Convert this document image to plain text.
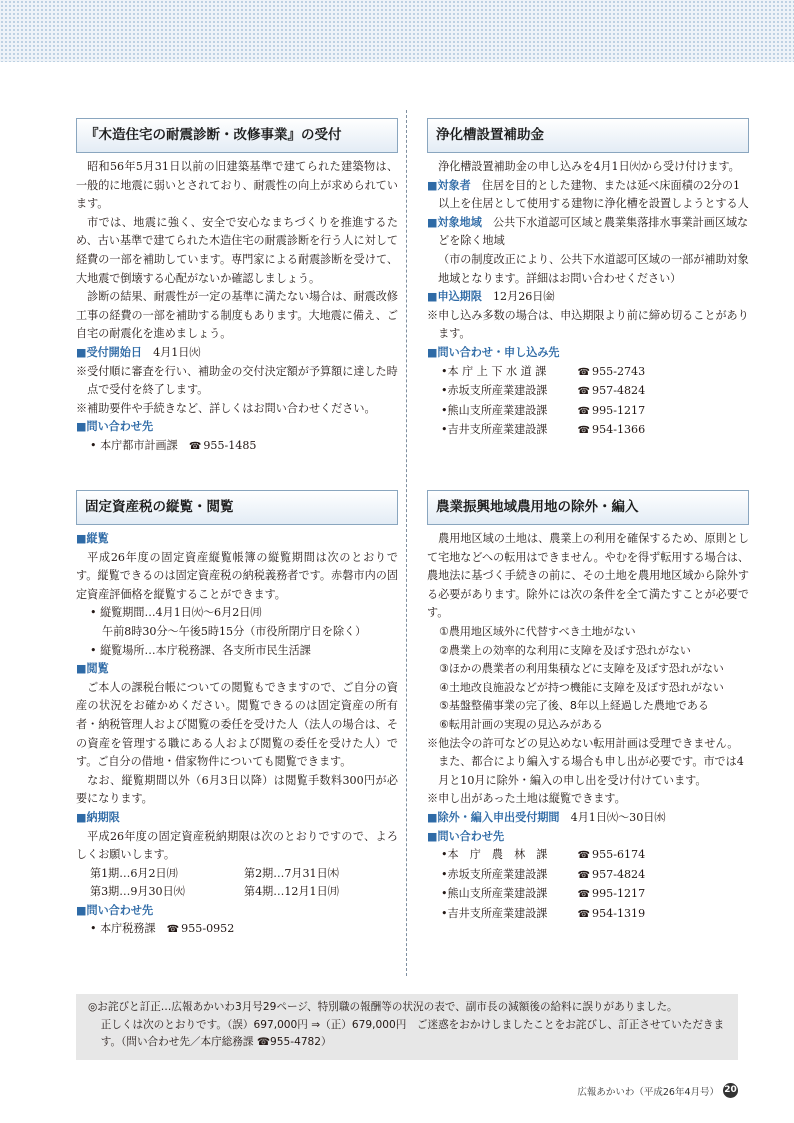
『木造住宅の耐震診断・改修事業』の受付

昭和56年5月31日以前の旧建築基準で建てられた建築物は、一般的に地震に弱いとされており、耐震性の向上が求められています。

市では、地震に強く、安全で安心なまちづくりを推進するため、古い基準で建てられた木造住宅の耐震診断を行う人に対して経費の一部を補助しています。専門家による耐震診断を受けて、大地震で倒壊する心配がないか確認しましょう。

診断の結果、耐震性が一定の基準に満たない場合は、耐震改修工事の経費の一部を補助する制度もあります。大地震に備え、ご自宅の耐震化を進めましょう。

■ 受付開始日　 4月1日㈫

※受付順に審査を行い、補助金の交付決定額が予算額に達した時点で受付を終了します。

※補助要件や手続きなど、詳しくはお問い合わせください。

■ 問い合わせ先

• 本庁都市計画課　 ☎ 955-1485

固定資産税の縦覧・閲覧

■ 縦覧

平成26年度の固定資産縦覧帳簿の縦覧期間は次のとおりです。縦覧できるのは固定資産税の納税義務者です。赤磐市内の固定資産評価格を縦覧することができます。

• 縦覧期間…4月1日㈫～6月2日㈪

午前8時30分～午後5時15分（市役所閉庁日を除く）

• 縦覧場所…本庁税務課、各支所市民生活課

■ 閲覧

ご本人の課税台帳についての閲覧もできますので、ご自分の資産の状況をお確かめください。閲覧できるのは固定資産の所有者・納税管理人および閲覧の委任を受けた人（法人の場合は、その資産を管理する職にある人および閲覧の委任を受けた人）です。ご自分の借地・借家物件についても閲覧できます。

なお、縦覧期間以外（6月3日以降）は閲覧手数料300円が必要になります。

■ 納期限

平成26年度の固定資産税納期限は次のとおりですので、よろしくお願いします。

第1期…6月2日㈪	第2期…7月31日㈭
第3期…9月30日㈫	第4期…12月1日㈪

■ 問い合わせ先

• 本庁税務課　 ☎ 955-0952

浄化槽設置補助金

浄化槽設置補助金の申し込みを4月1日㈫から受け付けます。

■ 対象者　 住居を目的とした建物、または延べ床面積の2分の1以上を住居として使用する建物に浄化槽を設置しようとする人

■ 対象地域　 公共下水道認可区域と農業集落排水事業計画区域などを除く地域

（市の制度改正により、公共下水道認可区域の一部が補助対象地域となります。詳細はお問い合わせください）

■ 申込期限　 12月26日㈮

※申し込み多数の場合は、申込期限より前に締め切ることがあります。

■ 問い合わせ・申し込み先

• 本 庁 上 下 水 道 課 ☎	955-2743

• 赤坂支所産業建設課 ☎	957-4824

• 熊山支所産業建設課 ☎	995-1217

• 吉井支所産業建設課 ☎	954-1366

農業振興地域農用地の除外・編入

農用地区域の土地は、農業上の利用を確保するため、原則として宅地などへの転用はできません。やむを得ず転用する場合は、農地法に基づく手続きの前に、その土地を農用地区域から除外する必要があります。除外には次の条件を全て満たすことが必要です。

①農用地区域外に代替すべき土地がない

②農業上の効率的な利用に支障を及ぼす恐れがない

③ほかの農業者の利用集積などに支障を及ぼす恐れがない

④土地改良施設などが持つ機能に支障を及ぼす恐れがない

⑤基盤整備事業の完了後、8年以上経過した農地である

⑥転用計画の実現の見込みがある

※他法令の許可などの見込めない転用計画は受理できません。また、都合により編入する場合も申し出が必要です。市では4月と10月に除外・編入の申し出を受け付けています。

※申し出があった土地は縦覧できます。

■ 除外・編入申出受付期間　 4月1日㈫～30日㈬

■ 問い合わせ先

• 本　庁　農　林　課 ☎	955-6174

• 赤坂支所産業建設課 ☎	957-4824

• 熊山支所産業建設課 ☎	995-1217

• 吉井支所産業建設課 ☎	954-1319

◎お詫びと訂正…広報あかいわ3月号29ページ、特別職の報酬等の状況の表で、副市長の減額後の給料に誤りがありました。
正しくは次のとおりです。（誤）697,000円 ⇒（正）679,000円　ご迷惑をおかけしましたことをお詫びし、訂正させていただきます。（問い合わせ先／本庁総務課 ☎955-4782）
広報あかいわ（平成26年4月号） 20
